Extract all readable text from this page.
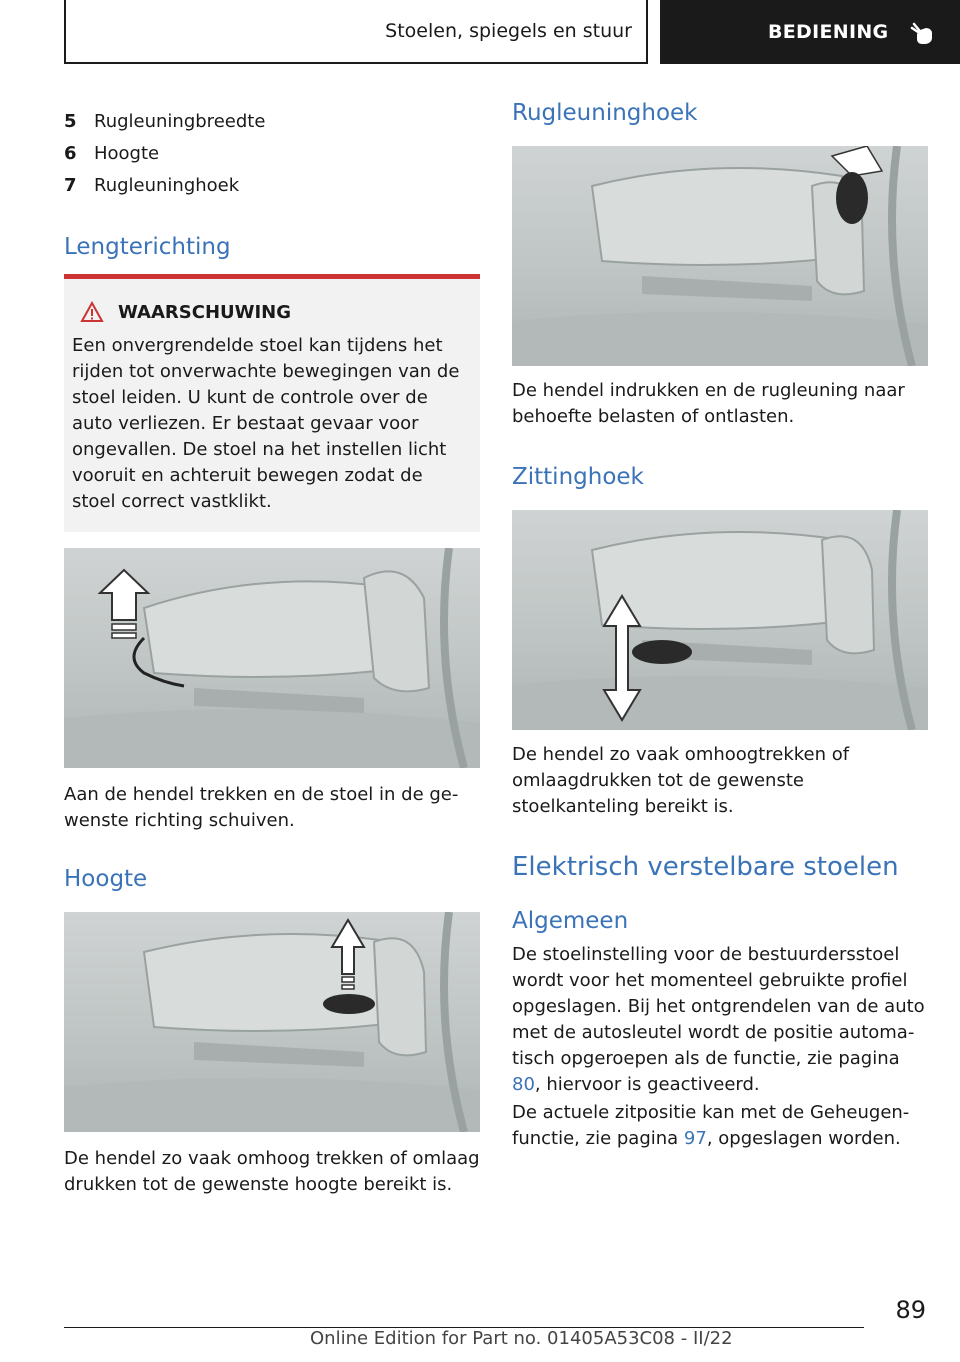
Stoelen, spiegels en stuur	BEDIENING
5 Rugleuningbreedte
6 Hoogte
7 Rugleuninghoek
Lengterichting
WAARSCHUWING

Een onvergrendelde stoel kan tijdens het rijden tot onverwachte bewegingen van de stoel leiden. U kunt de controle over de auto verliezen. Er bestaat gevaar voor ongevallen. De stoel na het instellen licht vooruit en achteruit bewegen zodat de stoel correct vastklikt.

Aan de hendel trekken en de stoel in de gewenste richting schuiven.

Hoogte

De hendel zo vaak omhoog trekken of omlaag drukken tot de gewenste hoogte bereikt is.

Rugleuninghoek

De hendel indrukken en de rugleuning naar behoefte belasten of ontlasten.

Zittinghoek

De hendel zo vaak omhoogtrekken of omlaagdrukken tot de gewenste stoelkanteling bereikt is.

Elektrisch verstelbare stoelen
Algemeen

De stoelinstelling voor de bestuurdersstoel wordt voor het momenteel gebruikte profiel opgeslagen. Bij het ontgrendelen van de auto met de autosleutel wordt de positie automatisch opgeroepen als de functie, zie pagina 80, hiervoor is geactiveerd.

De actuele zitpositie kan met de Geheugenfunctie, zie pagina 97, opgeslagen worden.

89
Online Edition for Part no. 01405A53C08 - II/22
